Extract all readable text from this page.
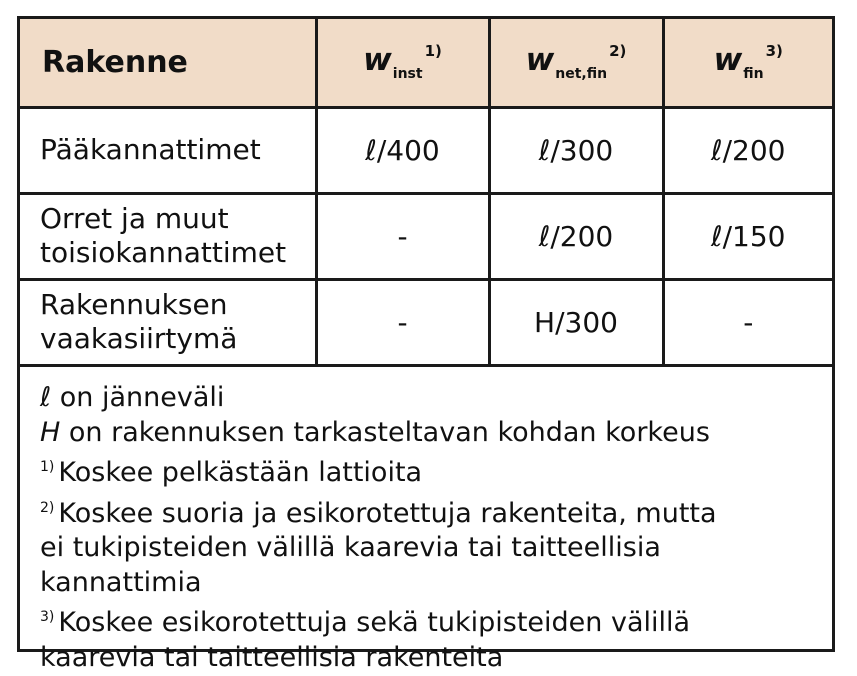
Rakenne	$w_{inst}^{1)}$	$w_{net,fin}^{2)}$	$w_{fin}^{3)}$
Pääkannattimet	ℓ/400	ℓ/300	ℓ/200
Orret ja muut
toisiokannattimet	-	ℓ/200	ℓ/150
Rakennuksen
vaakasiirtymä	-	H/300	-
ℓ on jänneväli
H on rakennuksen tarkasteltavan kohdan korkeus
$^{1)}$ Koskee pelkästään lattioita
$^{2)}$ Koskee suoria ja esikorotettuja rakenteita, mutta
ei tukipisteiden välillä kaarevia tai taitteellisia
kannattimia
$^{3)}$ Koskee esikorotettuja sekä tukipisteiden välillä
kaarevia tai taitteellisia rakenteita
